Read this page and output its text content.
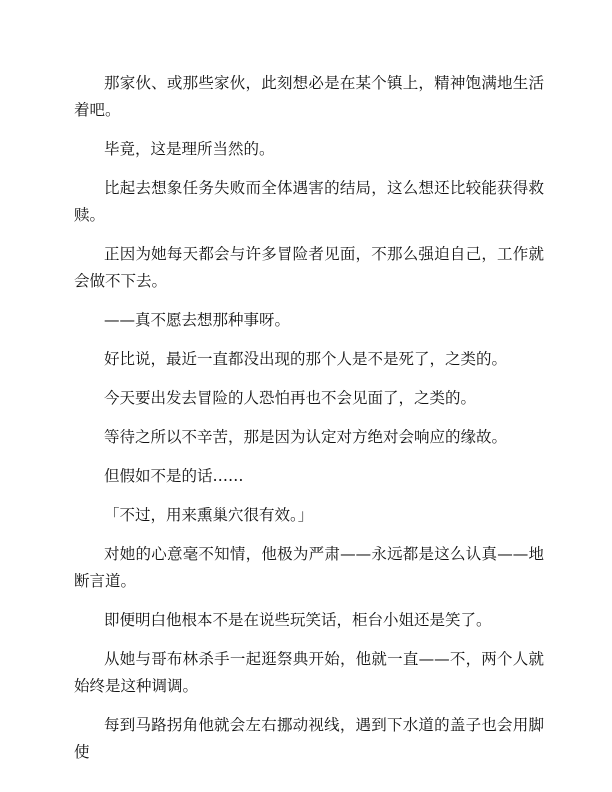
那家伙、或那些家伙，此刻想必是在某个镇上，精神饱满地生活着吧。

毕竟，这是理所当然的。

比起去想象任务失败而全体遇害的结局，这么想还比较能获得救赎。

正因为她每天都会与许多冒险者见面，不那么强迫自己，工作就会做不下去。

——真不愿去想那种事呀。

好比说，最近一直都没出现的那个人是不是死了，之类的。

今天要出发去冒险的人恐怕再也不会见面了，之类的。

等待之所以不辛苦，那是因为认定对方绝对会响应的缘故。

但假如不是的话……

「不过，用来熏巢穴很有效。」

对她的心意毫不知情，他极为严肃——永远都是这么认真——地断言道。

即便明白他根本不是在说些玩笑话，柜台小姐还是笑了。

从她与哥布林杀手一起逛祭典开始，他就一直——不，两个人就始终是这种调调。

每到马路拐角他就会左右挪动视线，遇到下水道的盖子也会用脚使
